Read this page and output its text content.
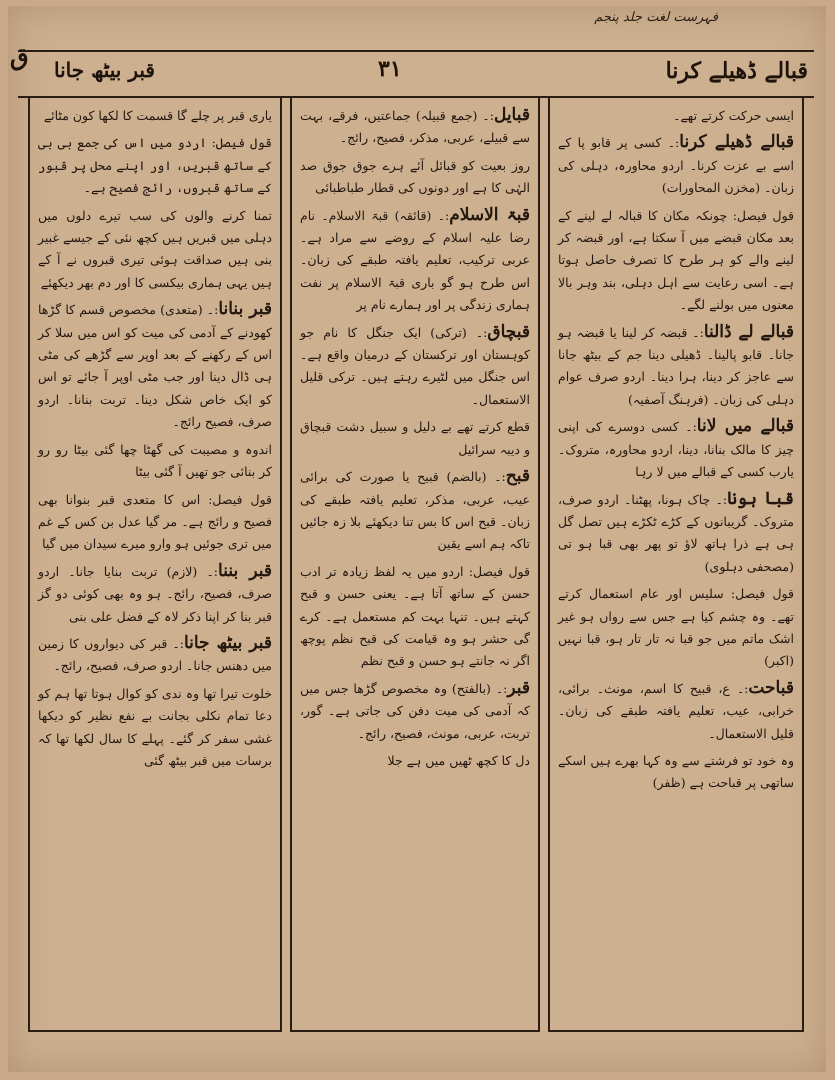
فہرست لغت جلد پنجم
قبالے ڈھیلے کرنا
۳۱
قبر بیٹھ جانا
ق

ایسی حرکت کرتے تھے۔

قبالے ڈھیلے کرنا:۔ کسی پر قابو پا کے اسے بے عزت کرنا۔ اردو محاورہ، دہلی کی زبان۔ (مخزن المحاورات)

قول فیصل: چونکہ مکان کا قبالہ لے لینے کے بعد مکان قبضے میں آ سکتا ہے، اور قبضہ کر لینے والے کو ہر طرح کا تصرف حاصل ہوتا ہے۔ اسی رعایت سے اہل دہلی، بند وہر بالا معنوں میں بولنے لگے۔

قبالے لے ڈالنا:۔ قبضہ کر لینا یا قبضہ ہو جانا۔ قابو پالینا۔ ڈھیلی دینا جم کے بیٹھ جانا سے عاجز کر دینا، ہرا دینا۔ اردو صرف عوام دہلی کی زبان۔ (فرہنگ آصفیہ)

قبالے میں لانا:۔ کسی دوسرے کی اپنی چیز کا مالک بنانا، دینا، اردو محاورہ، متروک۔ یارب کسی کے قبالے میں لا رہا

قبا ہونا:۔ چاک ہونا، پھٹنا۔ اردو صرف، متروک۔ گریبانوں کے کڑے ٹکڑے ہیں تصل گل ہی ہے ذرا ہاتھ لاؤ تو پھر بھی قبا ہو تی (مصحفی دہلوی)

قول فیصل: سلیس اور عام استعمال کرتے تھے۔ وہ چشم کیا ہے جس سے رواں ہو غیر اشک ماتم میں جو قبا نہ تار تار ہو، قبا نہیں (اکبر)

قباحت:۔ ع، قبیح کا اسم، مونث۔ برائی، خرابی، عیب، تعلیم یافتہ طبقے کی زبان۔ قلیل الاستعمال۔

وہ خود تو فرشتے سے وہ کہا بھرے ہیں اسکے ساتھی پر قباحت ہے (ظفر)

قبایل:۔ (جمع قبیلہ) جماعتیں، فرقے، بہت سے قبیلے، عربی، مذکر، فصیح، رائج۔

روز بعیت کو قبائل آئے ہرے جوق جوق صد الہٰی کا ہے اور دونوں کی قطار طباطبائی

قبۃ الاسلام:۔ (قائقہ) قبۃ الاسلام۔ نام رضا علیہ اسلام کے روضے سے مراد ہے۔ عربی ترکیب، تعلیم یافتہ طبقے کی زبان۔ اس طرح ہو گو باری قبۃ الاسلام پر نفت ہماری زندگی پر اور ہمارے نام پر

قبچاق:۔ (ترکی) ایک جنگل کا نام جو کوہستان اور ترکستان کے درمیان واقع ہے۔ اس جنگل میں لٹیرے رہتے ہیں۔ ترکی قلیل الاستعمال۔

قطع کرتے تھے بے دلیل و سبیل دشت قبچاق و دیبہ سرائیل

قبح:۔ (بالضم) قبیح یا صورت کی برائی عیب، عربی، مذکر، تعلیم یافتہ طبقے کی زبان۔ قبح اس کا بس تنا دیکھئے بلا زہ جائیں تاکہ ہم اسے یقین

قول فیصل: اردو میں یہ لفظ زیادہ تر ادب حسن کے ساتھ آتا ہے۔ یعنی حسن و قبح کہتے ہیں۔ تنہا بہت کم مستعمل ہے۔ کرے گی حشر ہو وہ قیامت کی قبح نظم پوچھ اگر نہ جانتے ہو حسن و قبح نظم

قبر:۔ (بالفتح) وہ مخصوص گڑھا جس میں کہ آدمی کی میت دفن کی جاتی ہے۔ گور، تربت، عربی، مونث، فصیح، رائج۔

دل کا کچھ ٹھیں میں ہے جلا

یاری قبر پر چلے گا قسمت کا لکھا کون مٹائے

قول فیصل: اردو میں اس کی جمع بی بی کے ساتھ قبریں، اور اپنے محل پر قبور کے ساتھ قبروں، رائج فصیح ہے۔

تمنا کرنے والوں کی سب تیرے دلوں میں دہلی میں قبریں ہیں کچھ نئی کے جیسے غبیر بنی ہیں صداقت ہوئی تیری قبروں نے آ کے ہیں یہی ہماری بیکسی کا اور دم بھر دیکھئے

قبر بنانا:۔ (متعدی) مخصوص قسم کا گڑھا کھودنے کے آدمی کی میت کو اس میں سلا کر اس کے رکھنے کے بعد اوپر سے گڑھے کی مٹی ہی ڈال دینا اور جب مٹی اوپر آ جائے تو اس کو ایک خاص شکل دینا۔ تربت بنانا۔ اردو صرف، فصیح رائج۔

اندوہ و مصیبت کی گھٹا چھا گئی بیٹا رو رو کر بنائی جو تھیں آ گئی بیٹا

قول فیصل: اس کا متعدی قبر بنوانا بھی فصیح و رائج ہے۔ مر گیا عدل بن کس کے غم میں تری جوئیں ہو وارو میرے سیدان میں گیا

قبر بننا:۔ (لازم) تربت بنایا جانا۔ اردو صرف، فصیح، رائج۔ ہو وہ بھی کوئی دو گز قبر بنا کر اپنا ذکر لاہ کے فضل علی بنی

قبر بیٹھ جانا:۔ قبر کی دیواروں کا زمین میں دھنس جانا۔ اردو صرف، فصیح، رائج۔

خلوت تیرا تھا وہ ندی کو کوال ہوتا تھا ہم کو دعا تمام نکلی بجانت بے نفع نظیر کو دیکھا غشی سفر کر گئے۔ پہلے کا سال لکھا تھا کہ برسات میں قبر بیٹھ گئی
